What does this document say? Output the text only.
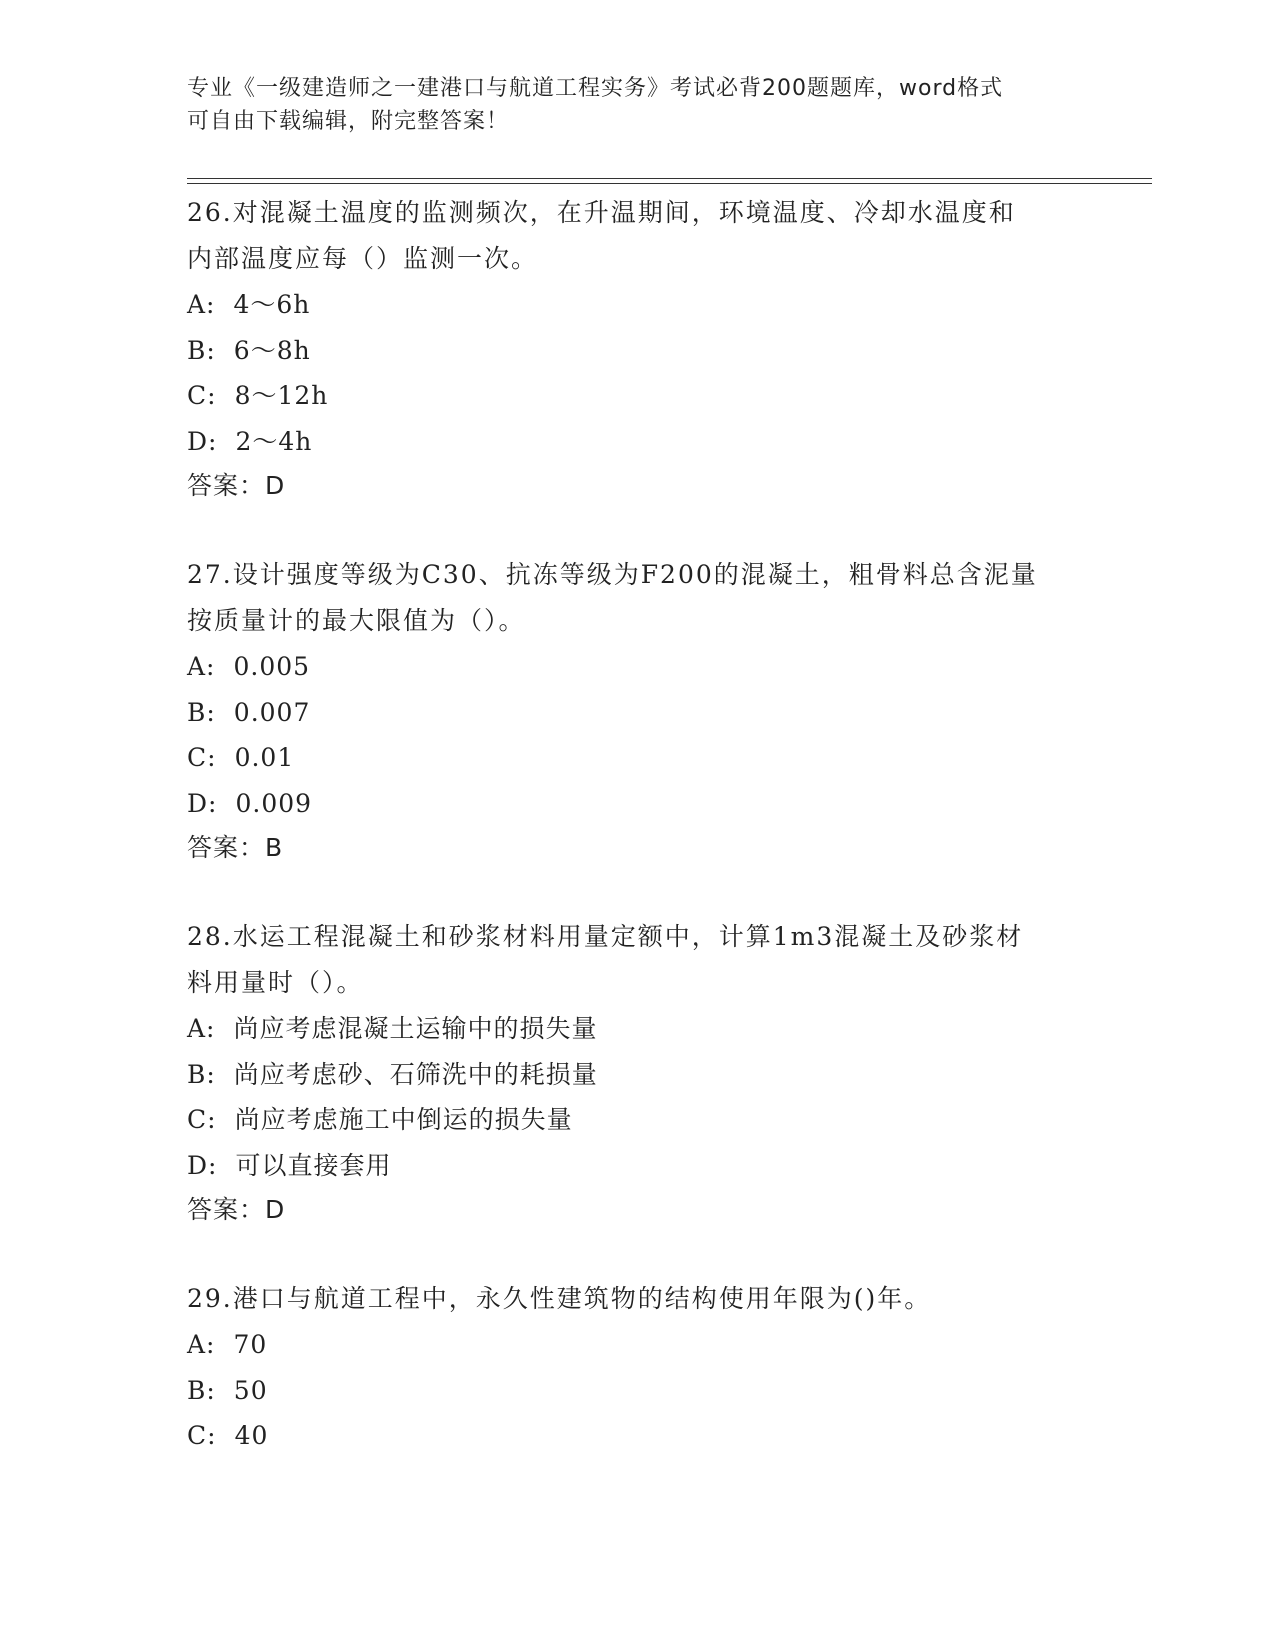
专业《一级建造师之一建港口与航道工程实务》考试必背200题题库，word格式
可自由下载编辑，附完整答案！
26.对混凝土温度的监测频次，在升温期间，环境温度、冷却水温度和
内部温度应每（）监测一次。
A: 4～6h
B: 6～8h
C: 8～12h
D: 2～4h
答案：D
27.设计强度等级为C30、抗冻等级为F200的混凝土，粗骨料总含泥量
按质量计的最大限值为（）。
A: 0.005
B: 0.007
C: 0.01
D: 0.009
答案：B
28.水运工程混凝土和砂浆材料用量定额中，计算1m3混凝土及砂浆材
料用量时（）。
A: 尚应考虑混凝土运输中的损失量
B: 尚应考虑砂、石筛洗中的耗损量
C: 尚应考虑施工中倒运的损失量
D: 可以直接套用
答案：D
29.港口与航道工程中，永久性建筑物的结构使用年限为()年。
A: 70
B: 50
C: 40
